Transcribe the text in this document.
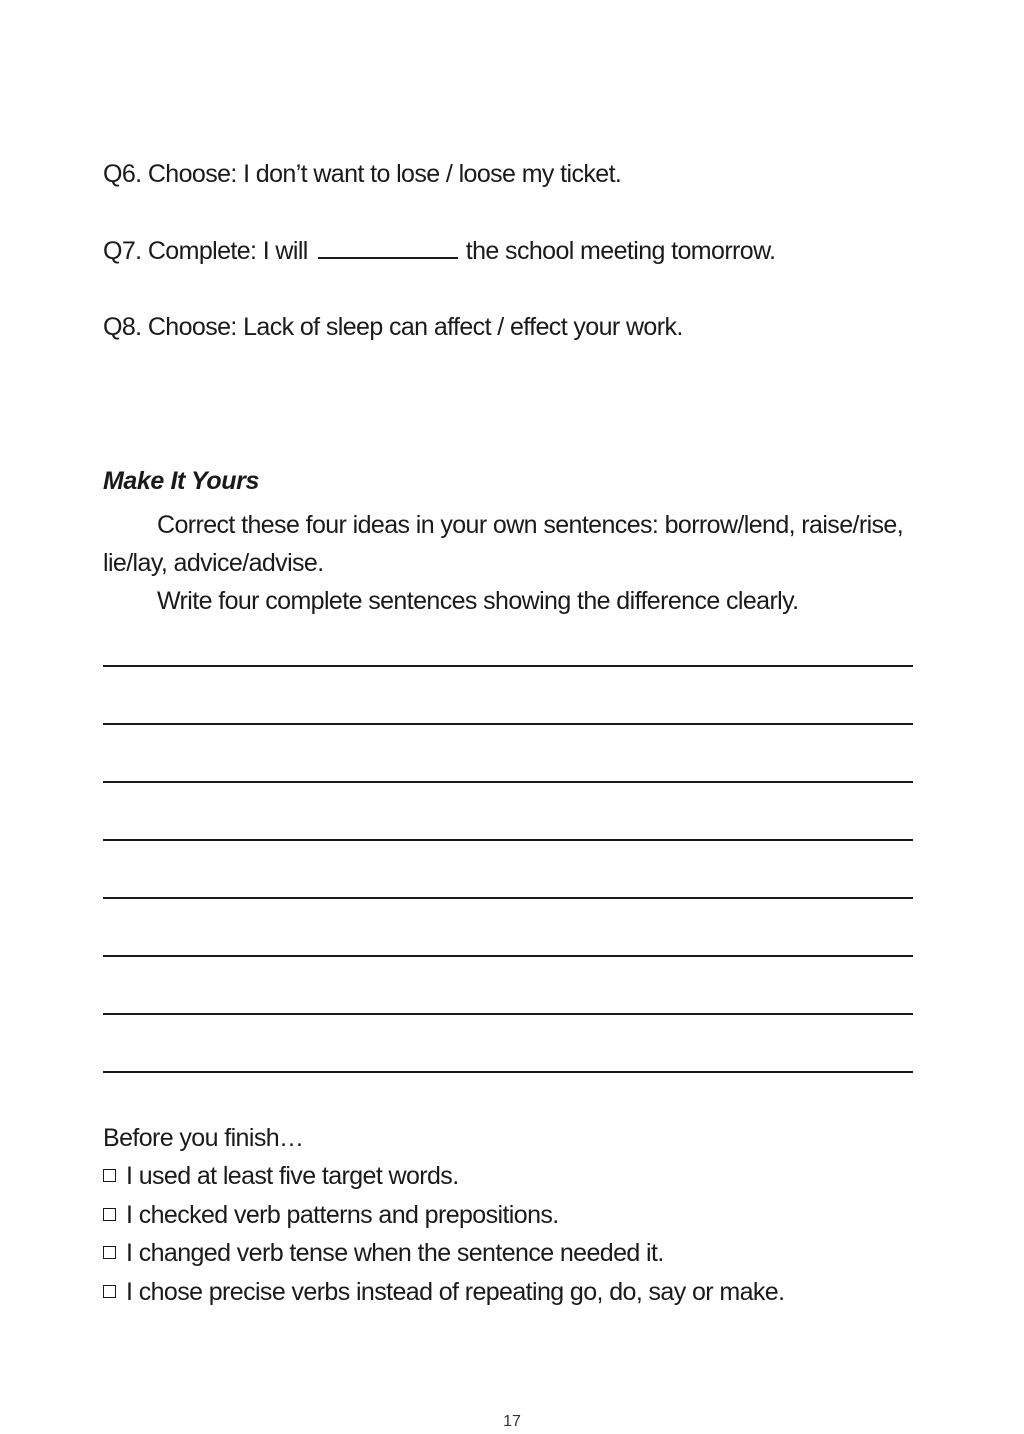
Q6. Choose: I don’t want to lose / loose my ticket.
Q7. Complete: I will	the school meeting tomorrow.
Q8. Choose: Lack of sleep can affect / effect your work.
Make It Yours
Correct these four ideas in your own sentences: borrow/lend, raise/rise, lie/lay, advice/advise.
Write four complete sentences showing the difference clearly.
Before you finish…
I used at least five target words.
I checked verb patterns and prepositions.
I changed verb tense when the sentence needed it.
I chose precise verbs instead of repeating go, do, say or make.
17
